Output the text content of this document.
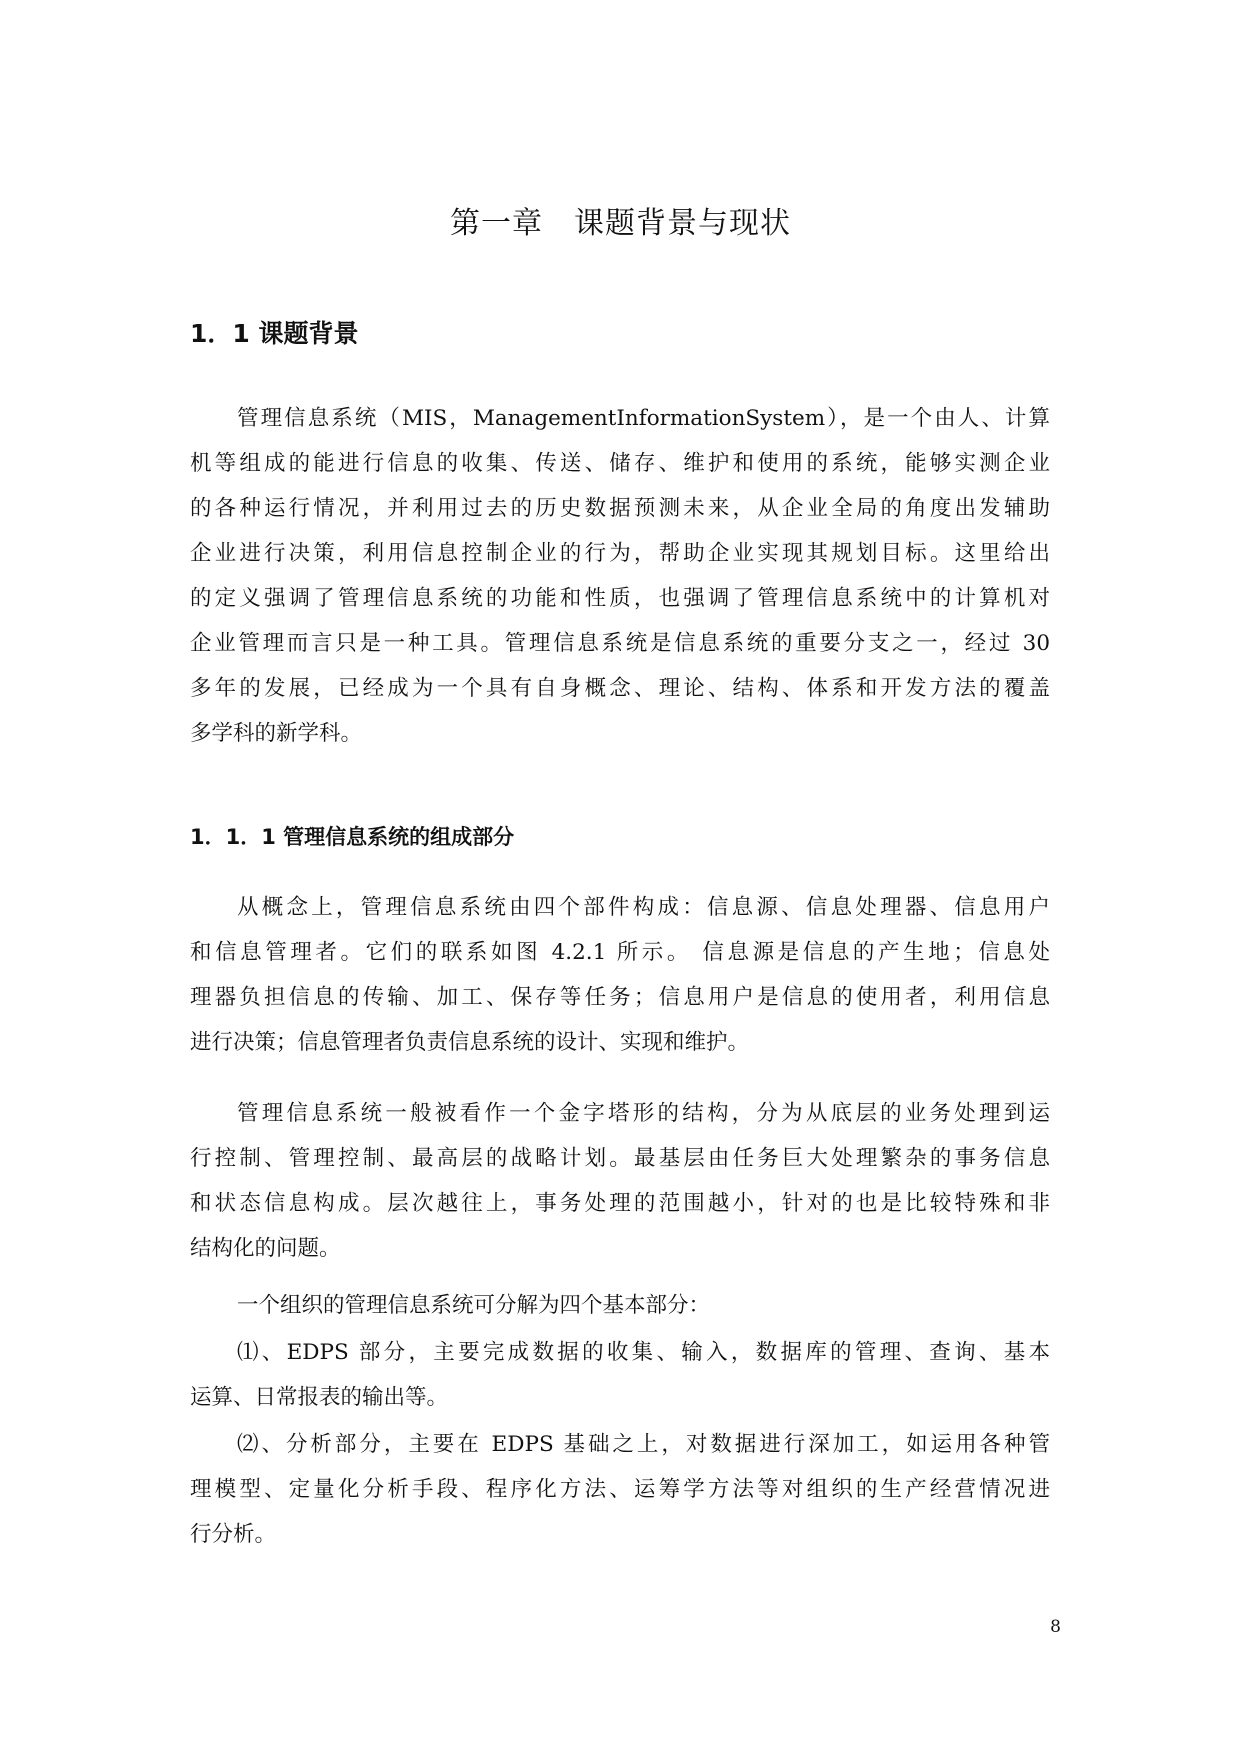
第一章　课题背景与现状
1．1 课题背景
管理信息系统（MIS，ManagementInformationSystem），是一个由人、计算
机等组成的能进行信息的收集、传送、储存、维护和使用的系统，能够实测企业
的各种运行情况，并利用过去的历史数据预测未来，从企业全局的角度出发辅助
企业进行决策，利用信息控制企业的行为，帮助企业实现其规划目标。这里给出
的定义强调了管理信息系统的功能和性质，也强调了管理信息系统中的计算机对
企业管理而言只是一种工具。管理信息系统是信息系统的重要分支之一，经过 30
多年的发展，已经成为一个具有自身概念、理论、结构、体系和开发方法的覆盖
多学科的新学科。
1．1．1 管理信息系统的组成部分
从概念上，管理信息系统由四个部件构成：信息源、信息处理器、信息用户
和信息管理者。它们的联系如图 4.2.1 所示。 信息源是信息的产生地；信息处
理器负担信息的传输、加工、保存等任务；信息用户是信息的使用者，利用信息
进行决策；信息管理者负责信息系统的设计、实现和维护。
管理信息系统一般被看作一个金字塔形的结构，分为从底层的业务处理到运
行控制、管理控制、最高层的战略计划。最基层由任务巨大处理繁杂的事务信息
和状态信息构成。层次越往上，事务处理的范围越小，针对的也是比较特殊和非
结构化的问题。
一个组织的管理信息系统可分解为四个基本部分：
⑴、EDPS 部分，主要完成数据的收集、输入，数据库的管理、查询、基本
运算、日常报表的输出等。
⑵、分析部分，主要在 EDPS 基础之上，对数据进行深加工，如运用各种管
理模型、定量化分析手段、程序化方法、运筹学方法等对组织的生产经营情况进
行分析。
8
